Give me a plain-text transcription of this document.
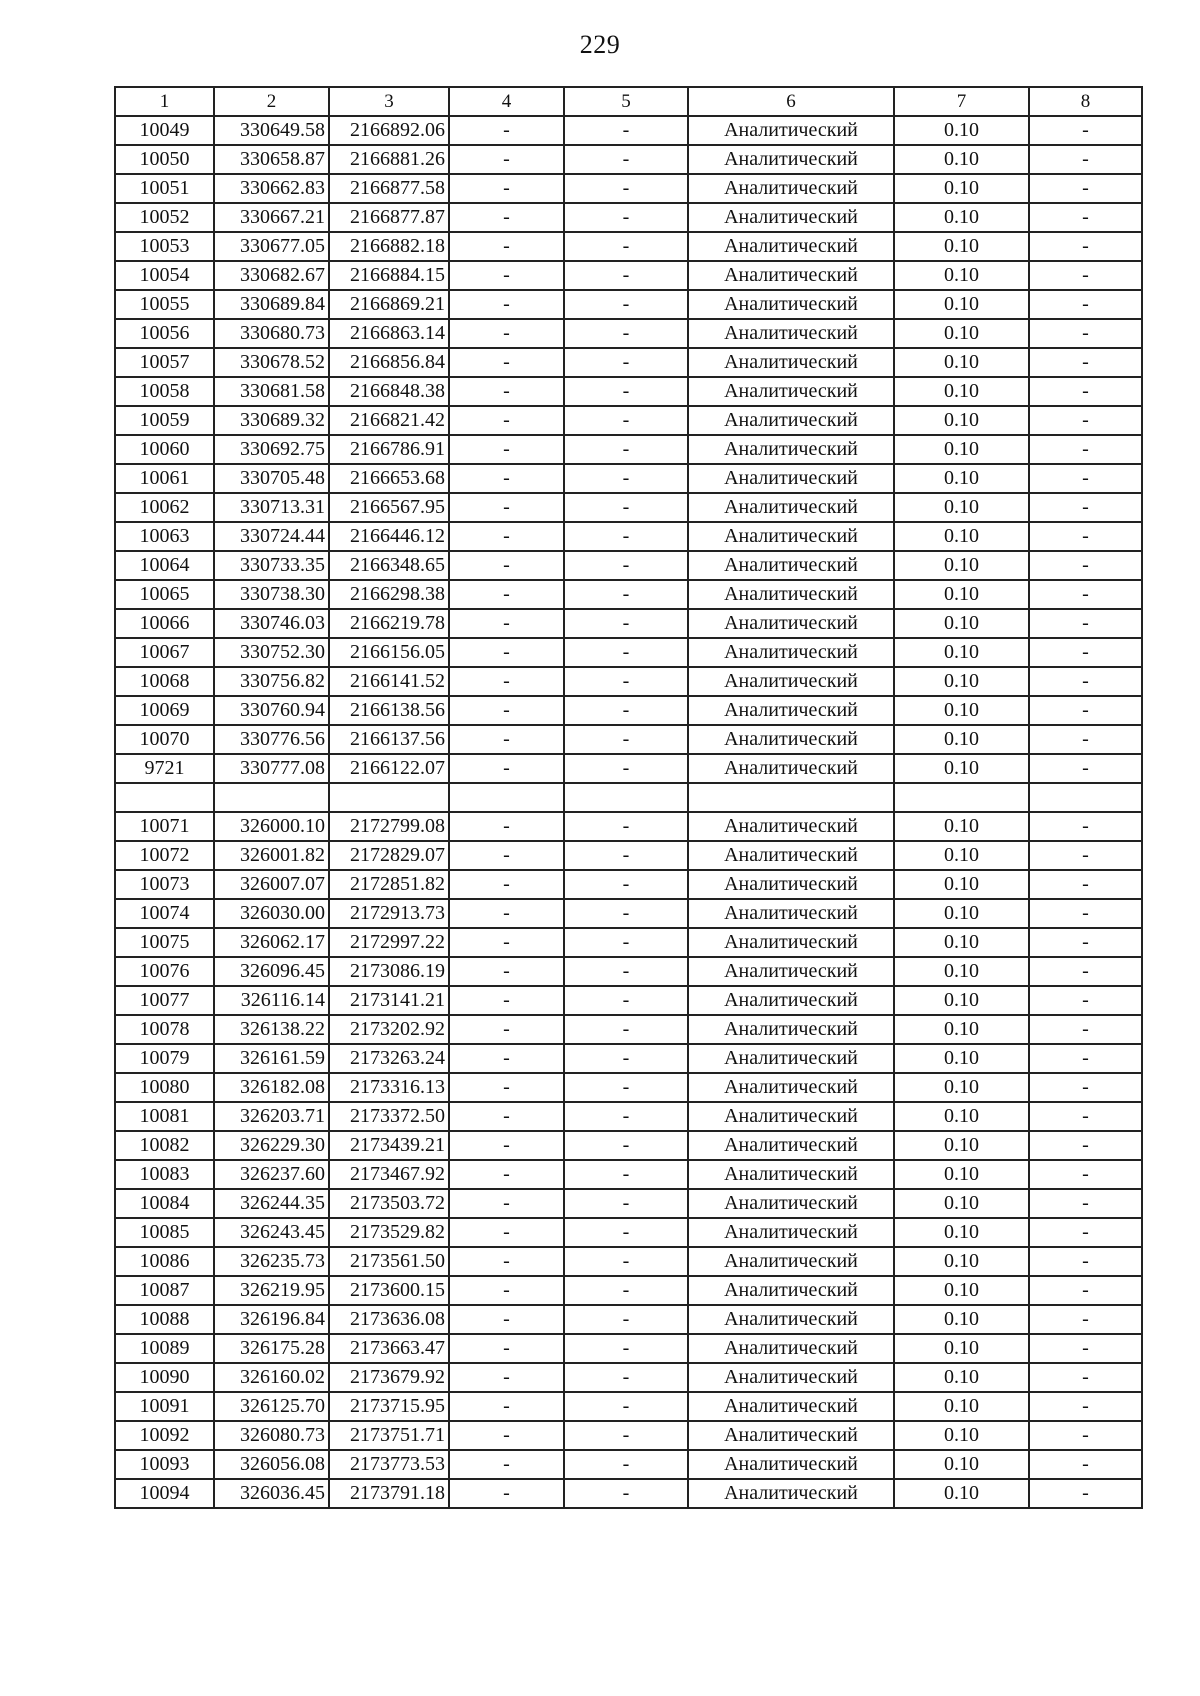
229
1	2	3	4	5	6	7	8
10049	330649.58	2166892.06	-	-	Аналитический	0.10	-
10050	330658.87	2166881.26	-	-	Аналитический	0.10	-
10051	330662.83	2166877.58	-	-	Аналитический	0.10	-
10052	330667.21	2166877.87	-	-	Аналитический	0.10	-
10053	330677.05	2166882.18	-	-	Аналитический	0.10	-
10054	330682.67	2166884.15	-	-	Аналитический	0.10	-
10055	330689.84	2166869.21	-	-	Аналитический	0.10	-
10056	330680.73	2166863.14	-	-	Аналитический	0.10	-
10057	330678.52	2166856.84	-	-	Аналитический	0.10	-
10058	330681.58	2166848.38	-	-	Аналитический	0.10	-
10059	330689.32	2166821.42	-	-	Аналитический	0.10	-
10060	330692.75	2166786.91	-	-	Аналитический	0.10	-
10061	330705.48	2166653.68	-	-	Аналитический	0.10	-
10062	330713.31	2166567.95	-	-	Аналитический	0.10	-
10063	330724.44	2166446.12	-	-	Аналитический	0.10	-
10064	330733.35	2166348.65	-	-	Аналитический	0.10	-
10065	330738.30	2166298.38	-	-	Аналитический	0.10	-
10066	330746.03	2166219.78	-	-	Аналитический	0.10	-
10067	330752.30	2166156.05	-	-	Аналитический	0.10	-
10068	330756.82	2166141.52	-	-	Аналитический	0.10	-
10069	330760.94	2166138.56	-	-	Аналитический	0.10	-
10070	330776.56	2166137.56	-	-	Аналитический	0.10	-
9721	330777.08	2166122.07	-	-	Аналитический	0.10	-

10071	326000.10	2172799.08	-	-	Аналитический	0.10	-
10072	326001.82	2172829.07	-	-	Аналитический	0.10	-
10073	326007.07	2172851.82	-	-	Аналитический	0.10	-
10074	326030.00	2172913.73	-	-	Аналитический	0.10	-
10075	326062.17	2172997.22	-	-	Аналитический	0.10	-
10076	326096.45	2173086.19	-	-	Аналитический	0.10	-
10077	326116.14	2173141.21	-	-	Аналитический	0.10	-
10078	326138.22	2173202.92	-	-	Аналитический	0.10	-
10079	326161.59	2173263.24	-	-	Аналитический	0.10	-
10080	326182.08	2173316.13	-	-	Аналитический	0.10	-
10081	326203.71	2173372.50	-	-	Аналитический	0.10	-
10082	326229.30	2173439.21	-	-	Аналитический	0.10	-
10083	326237.60	2173467.92	-	-	Аналитический	0.10	-
10084	326244.35	2173503.72	-	-	Аналитический	0.10	-
10085	326243.45	2173529.82	-	-	Аналитический	0.10	-
10086	326235.73	2173561.50	-	-	Аналитический	0.10	-
10087	326219.95	2173600.15	-	-	Аналитический	0.10	-
10088	326196.84	2173636.08	-	-	Аналитический	0.10	-
10089	326175.28	2173663.47	-	-	Аналитический	0.10	-
10090	326160.02	2173679.92	-	-	Аналитический	0.10	-
10091	326125.70	2173715.95	-	-	Аналитический	0.10	-
10092	326080.73	2173751.71	-	-	Аналитический	0.10	-
10093	326056.08	2173773.53	-	-	Аналитический	0.10	-
10094	326036.45	2173791.18	-	-	Аналитический	0.10	-
